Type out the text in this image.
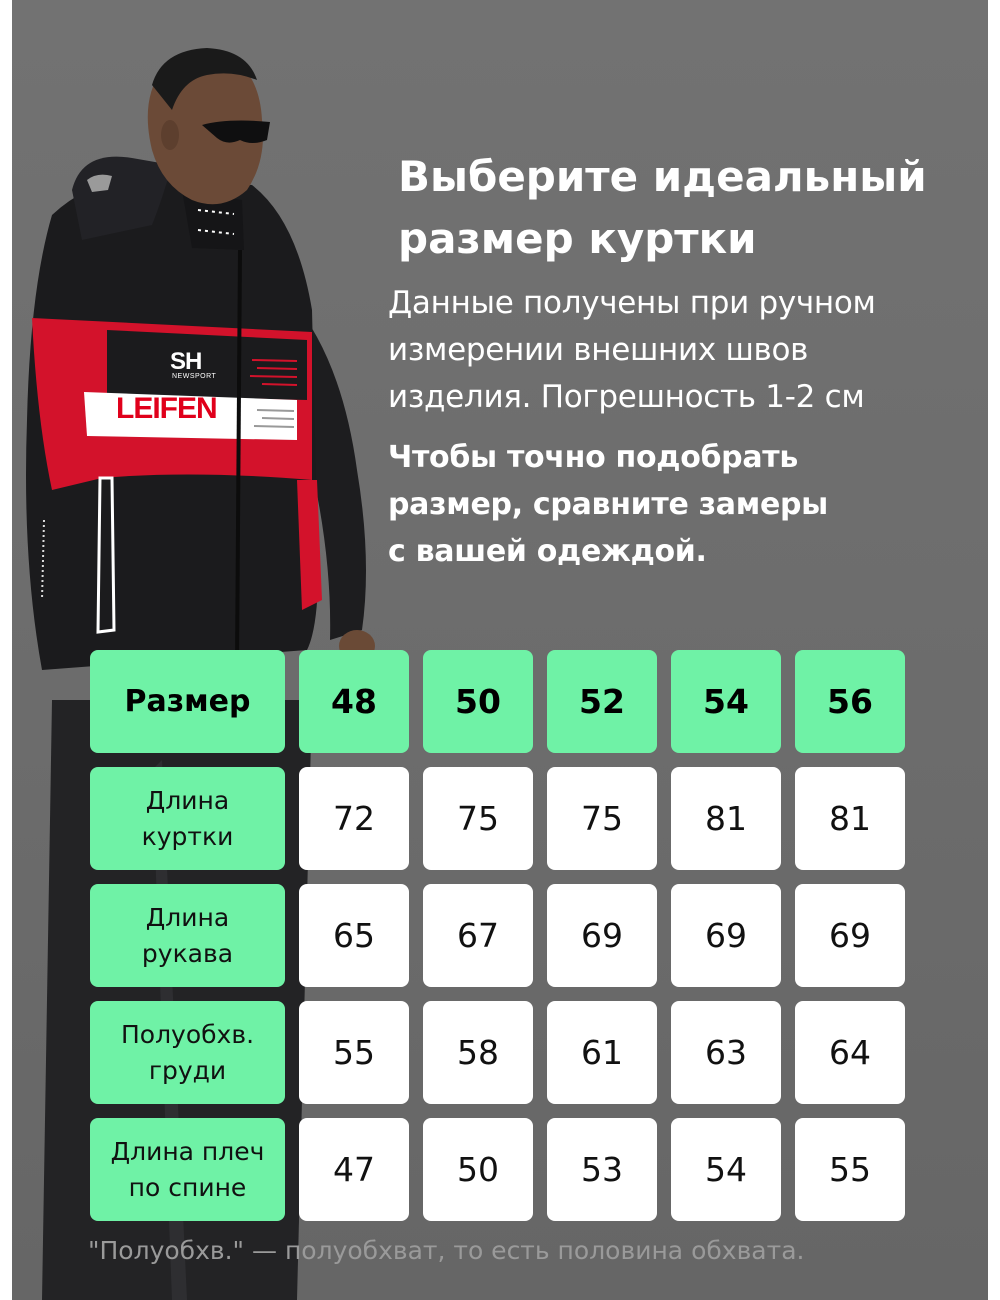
SH
NEWSPORT
LEIFEN
Выберите идеальный
размер куртки
Данные получены при ручном
измерении внешних швов
изделия. Погрешность 1-2 см
Чтобы точно подобрать
размер, сравните замеры
с вашей одеждой.
Размер	48	50	52	54	56
Длина
куртки	72	75	75	81	81
Длина
рукава	65	67	69	69	69
Полуобхв.
груди	55	58	61	63	64
Длина плеч
по спине	47	50	53	54	55
"Полуобхв." — полуобхват, то есть половина обхвата.
